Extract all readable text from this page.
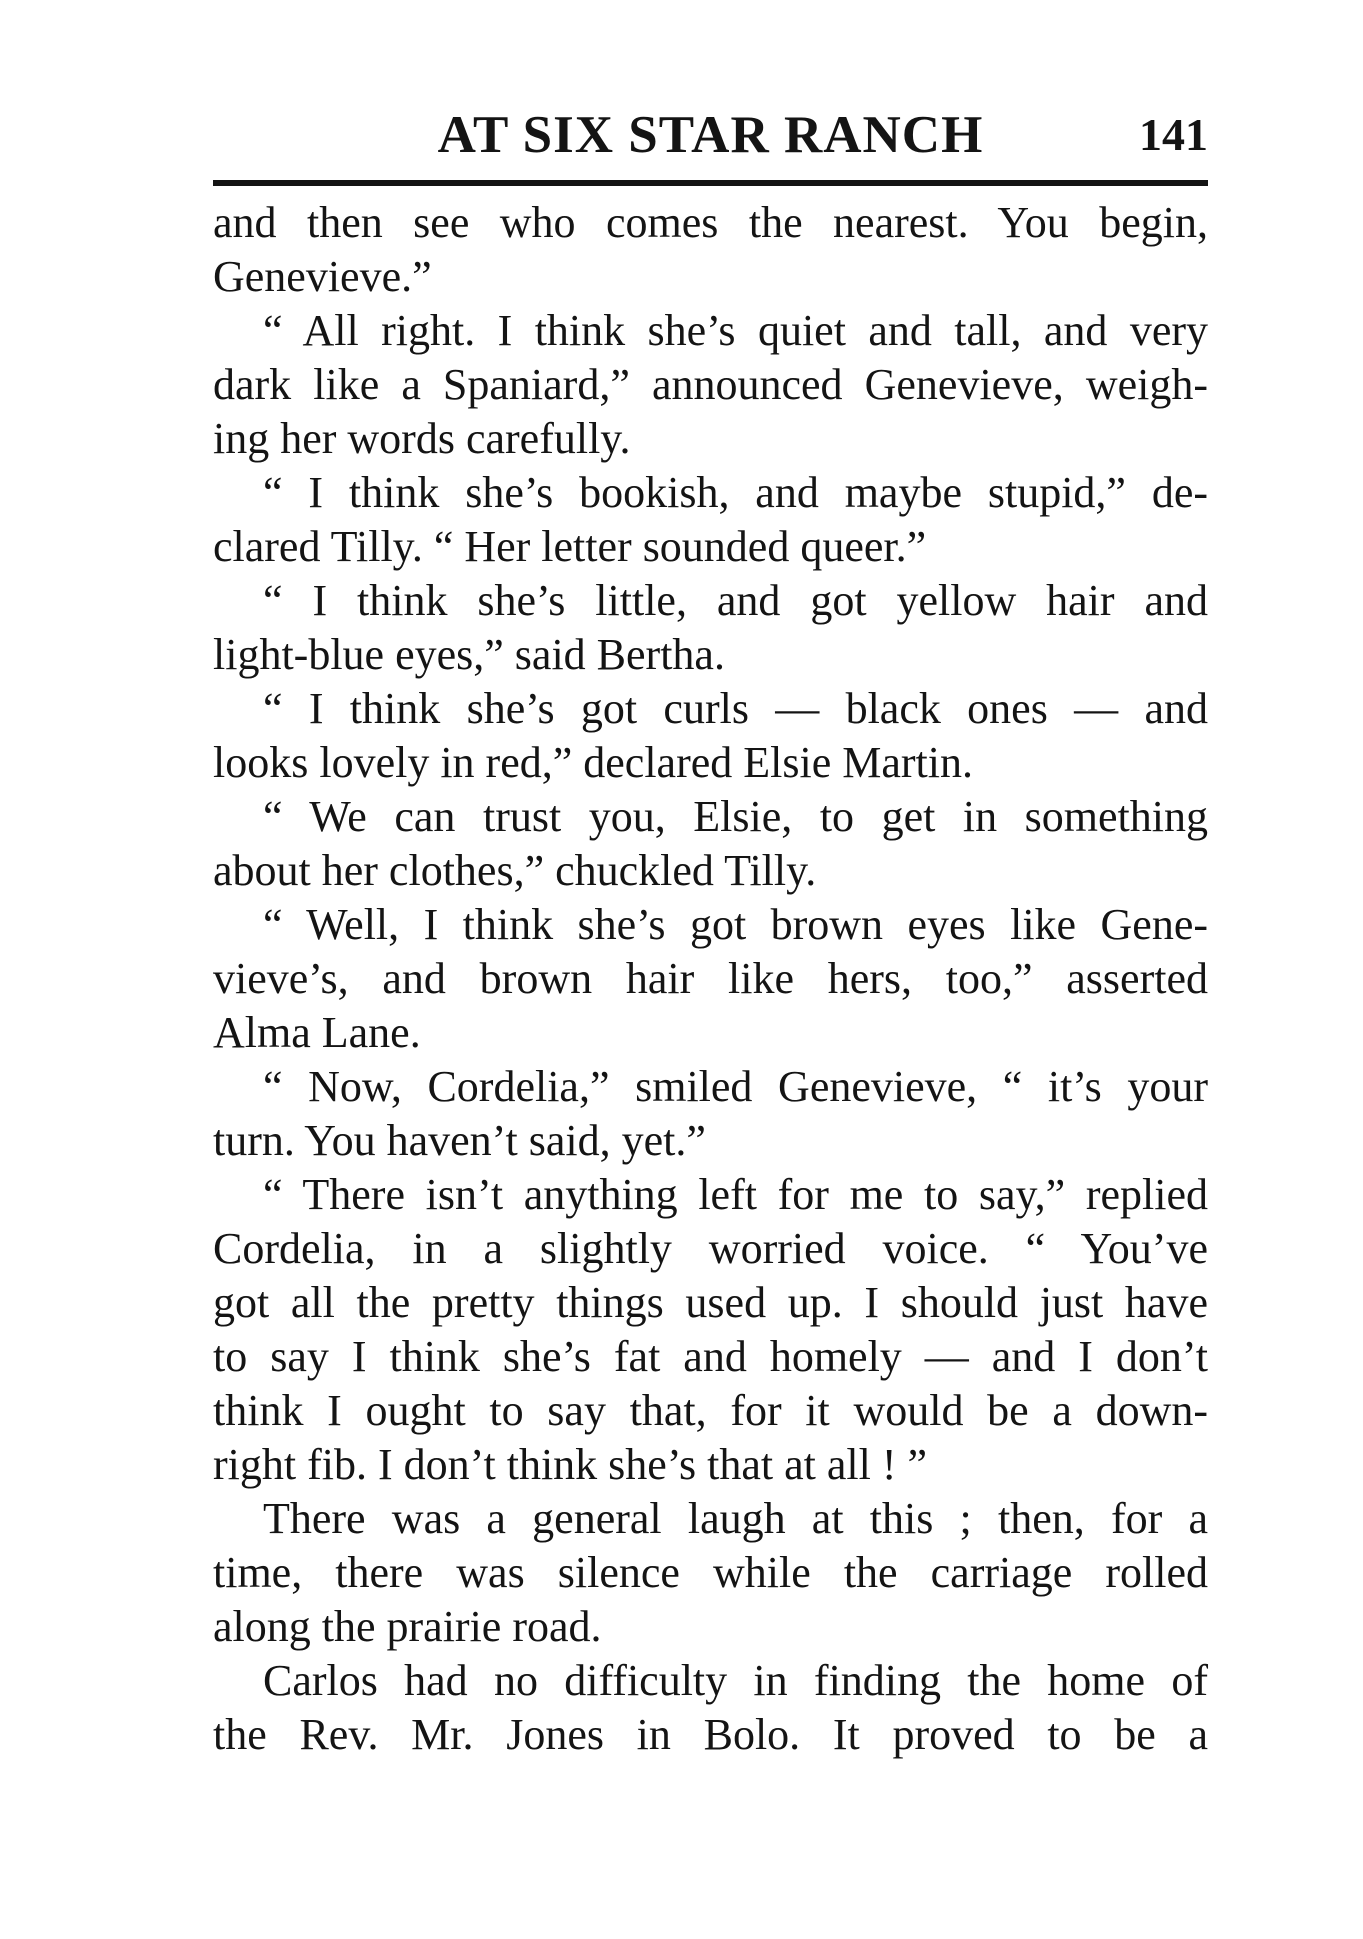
AT SIX STAR RANCH	141
and then see who comes the nearest. You begin,
Genevieve.”
“ All right. I think she’s quiet and tall, and very
dark like a Spaniard,” announced Genevieve, weigh-
ing her words carefully.
“ I think she’s bookish, and maybe stupid,” de-
clared Tilly. “ Her letter sounded queer.”
“ I think she’s little, and got yellow hair and
light-blue eyes,” said Bertha.
“ I think she’s got curls — black ones — and
looks lovely in red,” declared Elsie Martin.
“ We can trust you, Elsie, to get in something
about her clothes,” chuckled Tilly.
“ Well, I think she’s got brown eyes like Gene-
vieve’s, and brown hair like hers, too,” asserted
Alma Lane.
“ Now, Cordelia,” smiled Genevieve, “ it’s your
turn. You haven’t said, yet.”
“ There isn’t anything left for me to say,” replied
Cordelia, in a slightly worried voice. “ You’ve
got all the pretty things used up. I should just have
to say I think she’s fat and homely — and I don’t
think I ought to say that, for it would be a down-
right fib. I don’t think she’s that at all ! ”
There was a general laugh at this ; then, for a
time, there was silence while the carriage rolled
along the prairie road.
Carlos had no difficulty in finding the home of
the Rev. Mr. Jones in Bolo. It proved to be a
